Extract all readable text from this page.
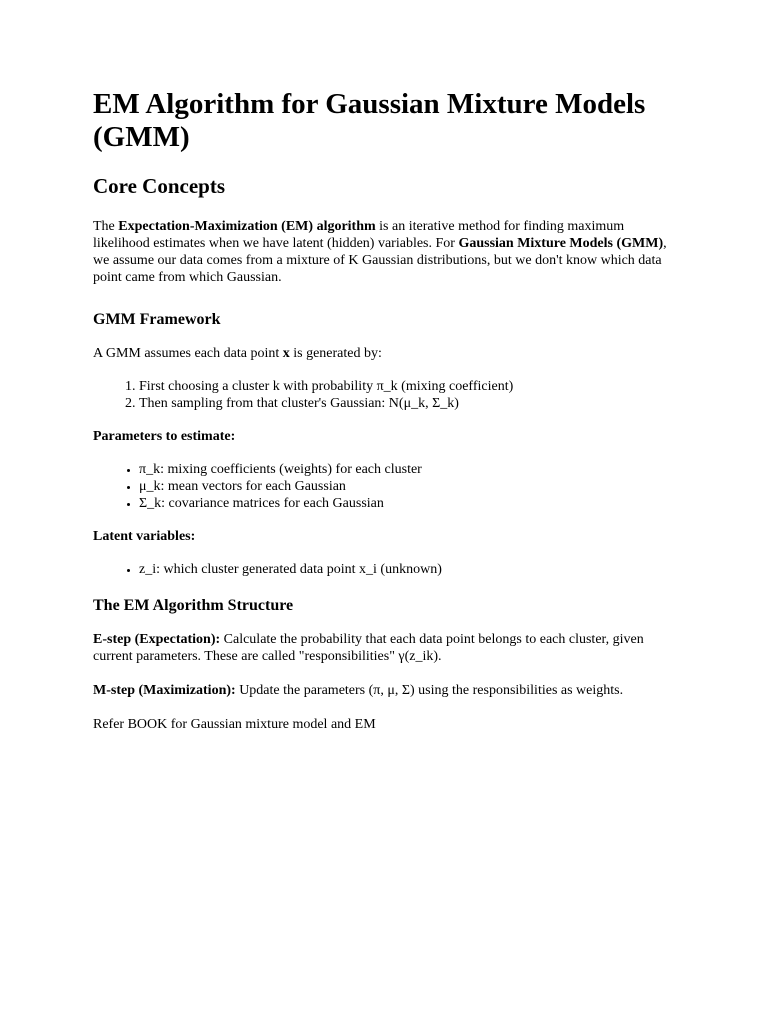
EM Algorithm for Gaussian Mixture Models (GMM)
Core Concepts

The Expectation-Maximization (EM) algorithm is an iterative method for finding maximum likelihood estimates when we have latent (hidden) variables. For Gaussian Mixture Models (GMM), we assume our data comes from a mixture of K Gaussian distributions, but we don't know which data point came from which Gaussian.

GMM Framework

A GMM assumes each data point x is generated by:

1. First choosing a cluster k with probability π_k (mixing coefficient)
2. Then sampling from that cluster's Gaussian: N(μ_k, Σ_k)

Parameters to estimate:

• π_k: mixing coefficients (weights) for each cluster
• μ_k: mean vectors for each Gaussian
• Σ_k: covariance matrices for each Gaussian

Latent variables:

• z_i: which cluster generated data point x_i (unknown)
The EM Algorithm Structure

E-step (Expectation): Calculate the probability that each data point belongs to each cluster, given current parameters. These are called "responsibilities" γ(z_ik).

M-step (Maximization): Update the parameters (π, μ, Σ) using the responsibilities as weights.

Refer BOOK for Gaussian mixture model and EM
